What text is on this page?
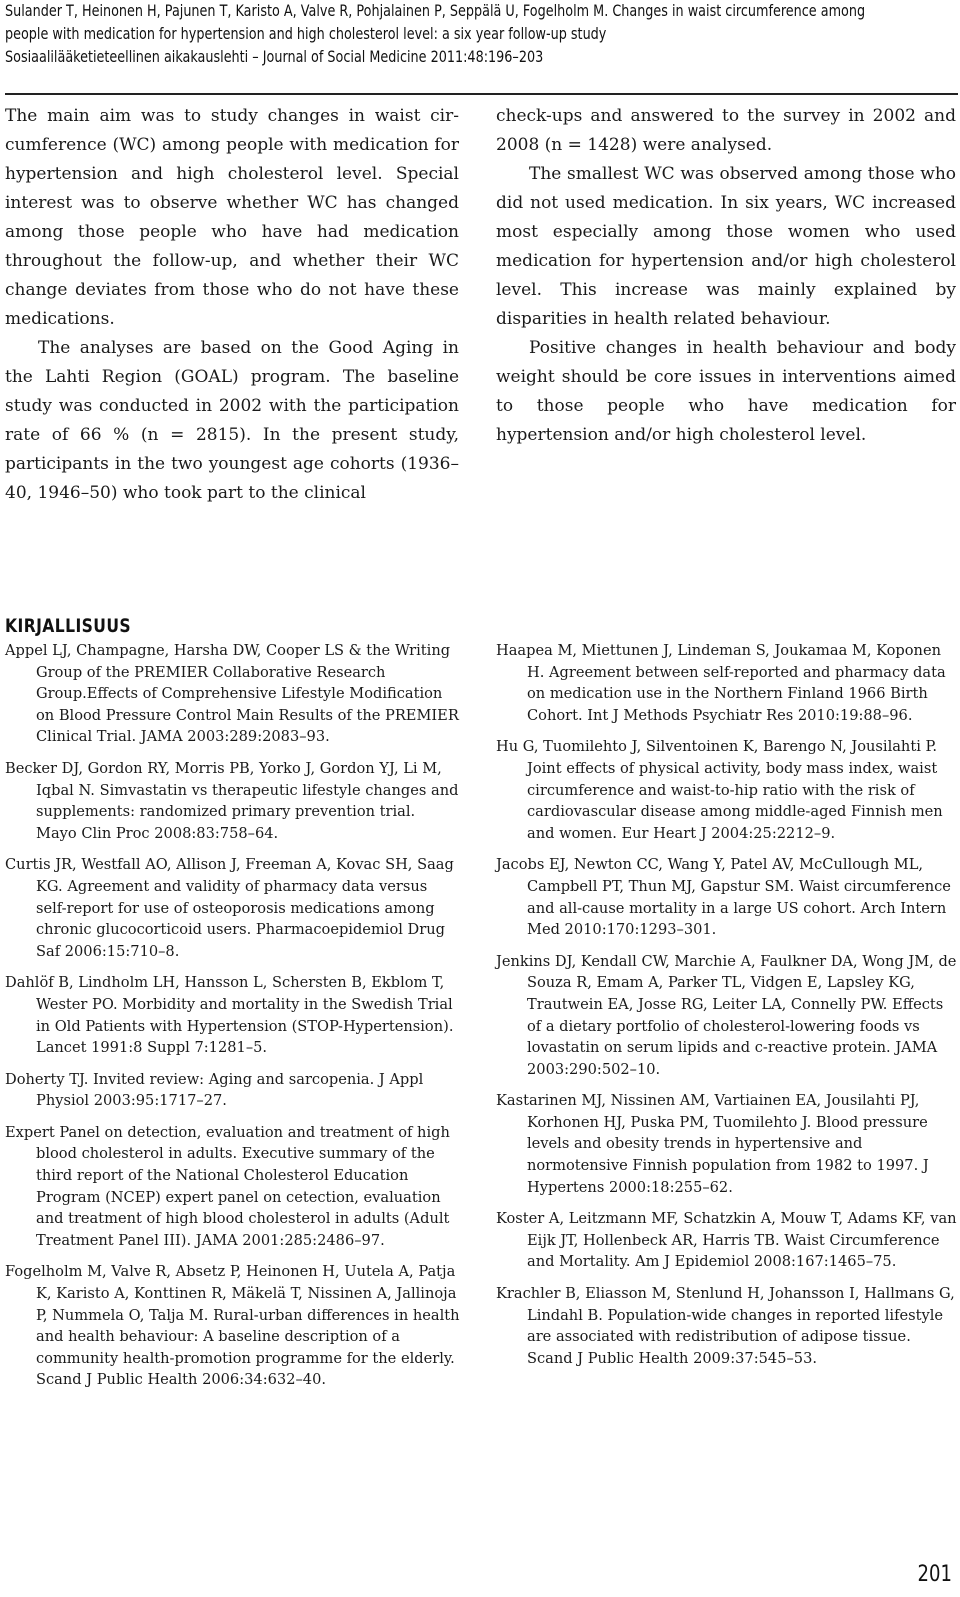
Sulander T, Heinonen H, Pajunen T, Karisto A, Valve R, Pohjalainen P, Seppälä U, Fogelholm M. Changes in waist circumference among
people with medication for hypertension and high cholesterol level: a six year follow-up study
Sosiaalilääketieteellinen aikakauslehti – Journal of Social Medicine 2011:48:196–203

The main aim was to study changes in waist circumference (WC) among people with medication for hypertension and high cholesterol level. Special interest was to observe whether WC has changed among those people who have had medication throughout the follow-up, and whether their WC change deviates from those who do not have these medications.

The analyses are based on the Good Aging in the Lahti Region (GOAL) program. The baseline study was conducted in 2002 with the participation rate of 66 % (n = 2815). In the present study, participants in the two youngest age cohorts (1936–40, 1946–50) who took part to the clinical

check-ups and answered to the survey in 2002 and 2008 (n = 1428) were analysed.

The smallest WC was observed among those who did not used medication. In six years, WC increased most especially among those women who used medication for hypertension and/or high cholesterol level. This increase was mainly explained by disparities in health related behaviour.

Positive changes in health behaviour and body weight should be core issues in interventions aimed to those people who have medication for hypertension and/or high cholesterol level.

KIRJALLISUUS

Appel LJ, Champagne, Harsha DW, Cooper LS & the Writing Group of the PREMIER Collaborative Research Group.Effects of Comprehensive Lifestyle Modification on Blood Pressure Control Main Results of the PREMIER Clinical Trial. JAMA 2003:289:2083–93.

Becker DJ, Gordon RY, Morris PB, Yorko J, Gordon YJ, Li M, Iqbal N. Simvastatin vs therapeutic lifestyle changes and supplements: randomized primary prevention trial. Mayo Clin Proc 2008:83:758–64.

Curtis JR, Westfall AO, Allison J, Freeman A, Kovac SH, Saag KG. Agreement and validity of pharmacy data versus self-report for use of osteoporosis medications among chronic glucocorticoid users. Pharmacoepidemiol Drug Saf 2006:15:710–8.

Dahlöf B, Lindholm LH, Hansson L, Schersten B, Ekblom T, Wester PO. Morbidity and mortality in the Swedish Trial in Old Patients with Hypertension (STOP-Hypertension). Lancet 1991:8 Suppl 7:1281–5.

Doherty TJ. Invited review: Aging and sarcopenia. J Appl Physiol 2003:95:1717–27.

Expert Panel on detection, evaluation and treatment of high blood cholesterol in adults. Executive summary of the third report of the National Cholesterol Education Program (NCEP) expert panel on cetection, evaluation and treatment of high blood cholesterol in adults (Adult Treatment Panel III). JAMA 2001:285:2486–97.

Fogelholm M, Valve R, Absetz P, Heinonen H, Uutela A, Patja K, Karisto A, Konttinen R, Mäkelä T, Nissinen A, Jallinoja P, Nummela O, Talja M. Rural-urban differences in health and health behaviour: A baseline description of a community health-promotion programme for the elderly. Scand J Public Health 2006:34:632–40.

Haapea M, Miettunen J, Lindeman S, Joukamaa M, Koponen H. Agreement between self-reported and pharmacy data on medication use in the Northern Finland 1966 Birth Cohort. Int J Methods Psychiatr Res 2010:19:88–96.

Hu G, Tuomilehto J, Silventoinen K, Barengo N, Jousilahti P. Joint effects of physical activity, body mass index, waist circumference and waist-to-hip ratio with the risk of cardiovascular disease among middle-aged Finnish men and women. Eur Heart J 2004:25:2212–9.

Jacobs EJ, Newton CC, Wang Y, Patel AV, McCullough ML, Campbell PT, Thun MJ, Gapstur SM. Waist circumference and all-cause mortality in a large US cohort. Arch Intern Med 2010:170:1293–301.

Jenkins DJ, Kendall CW, Marchie A, Faulkner DA, Wong JM, de Souza R, Emam A, Parker TL, Vidgen E, Lapsley KG, Trautwein EA, Josse RG, Leiter LA, Connelly PW. Effects of a dietary portfolio of cholesterol-lowering foods vs lovastatin on serum lipids and c-reactive protein. JAMA 2003:290:502–10.

Kastarinen MJ, Nissinen AM, Vartiainen EA, Jousilahti PJ, Korhonen HJ, Puska PM, Tuomilehto J. Blood pressure levels and obesity trends in hypertensive and normotensive Finnish population from 1982 to 1997. J Hypertens 2000:18:255–62.

Koster A, Leitzmann MF, Schatzkin A, Mouw T, Adams KF, van Eijk JT, Hollenbeck AR, Harris TB. Waist Circumference and Mortality. Am J Epidemiol 2008:167:1465–75.

Krachler B, Eliasson M, Stenlund H, Johansson I, Hallmans G, Lindahl B. Population-wide changes in reported lifestyle are associated with redistribution of adipose tissue. Scand J Public Health 2009:37:545–53.

201
